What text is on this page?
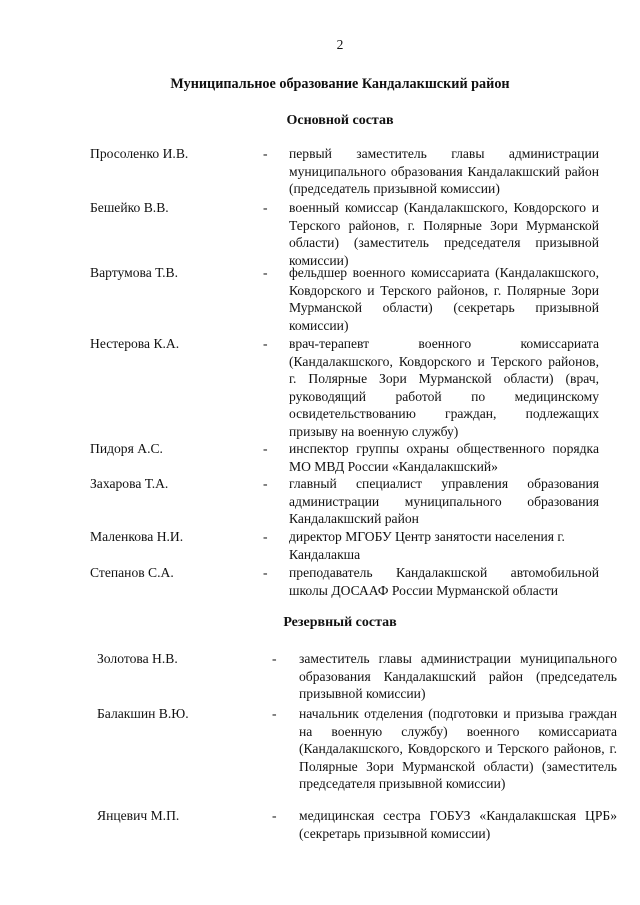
2
Муниципальное образование Кандалакшский район
Основной состав
Просоленко И.В.	- первый заместитель главы администрации муниципального образования Кандалакшский район (председатель призывной комиссии)

Бешейко В.В.	- военный комиссар (Кандалакшского, Ковдорского и Терского районов, г. Полярные Зори Мурманской области) (заместитель председателя призывной комиссии)

Вартумова Т.В.	- фельдшер военного комиссариата (Кандалакшского, Ковдорского и Терского районов, г. Полярные Зори Мурманской области) (секретарь призывной комиссии)

Нестерова К.А.	- врач-терапевт военного комиссариата (Кандалакшского, Ковдорского и Терского районов, г. Полярные Зори Мурманской области) (врач, руководящий работой по медицинскому освидетельствованию граждан, подлежащих призыву на военную службу)

Пидоря А.С.	- инспектор группы охраны общественного порядка МО МВД России «Кандалакшский»

Захарова Т.А.	- главный специалист управления образования администрации муниципального образования Кандалакшский район

Маленкова Н.И.	- директор МГОБУ Центр занятости населения г. Кандалакша

Степанов С.А.	- преподаватель Кандалакшской автомобильной школы ДОСААФ России Мурманской области

Резервный состав
Золотова Н.В.	- заместитель главы администрации муниципального образования Кандалакшский район (председатель призывной комиссии)

Балакшин В.Ю.	- начальник отделения (подготовки и призыва граждан на военную службу) военного комиссариата (Кандалакшского, Ковдорского и Терского районов, г. Полярные Зори Мурманской области) (заместитель председателя призывной комиссии)

Янцевич М.П.	- медицинская сестра ГОБУЗ «Кандалакшская ЦРБ» (секретарь призывной комиссии)
